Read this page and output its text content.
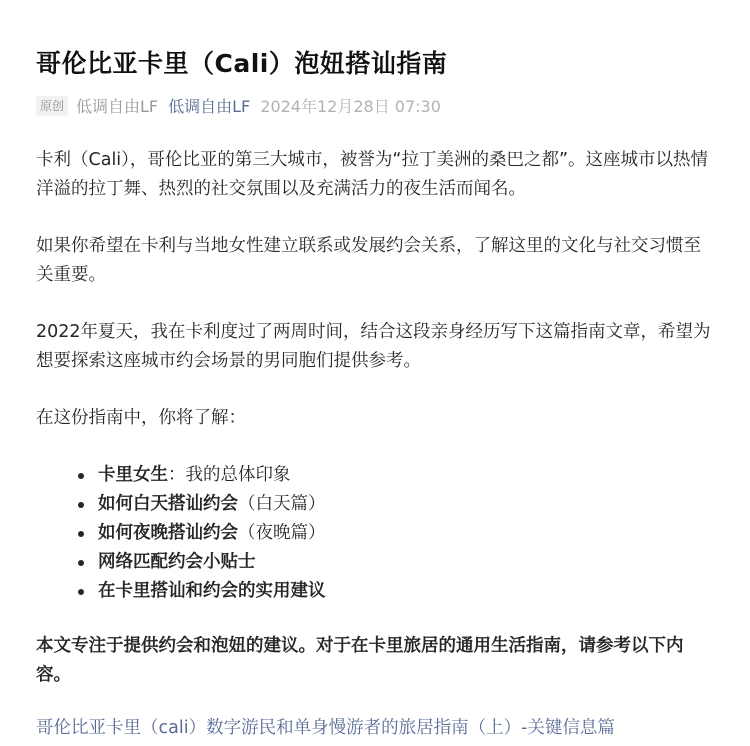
哥伦比亚卡里（Cali）泡妞搭讪指南
原创 低调自由LF 低调自由LF 2024年12月28日 07:30

卡利（Cali），哥伦比亚的第三大城市，被誉为“拉丁美洲的桑巴之都”。这座城市以热情洋溢的拉丁舞、热烈的社交氛围以及充满活力的夜生活而闻名。

如果你希望在卡利与当地女性建立联系或发展约会关系，了解这里的文化与社交习惯至关重要。

2022年夏天，我在卡利度过了两周时间，结合这段亲身经历写下这篇指南文章，希望为想要探索这座城市约会场景的男同胞们提供参考。

在这份指南中，你将了解：

卡里女生：我的总体印象
如何白天搭讪约会（白天篇）
如何夜晚搭讪约会（夜晚篇）
网络匹配约会小贴士
在卡里搭讪和约会的实用建议

本文专注于提供约会和泡妞的建议。对于在卡里旅居的通用生活指南，请参考以下内容。

哥伦比亚卡里（cali）数字游民和单身慢游者的旅居指南（上）-关键信息篇
